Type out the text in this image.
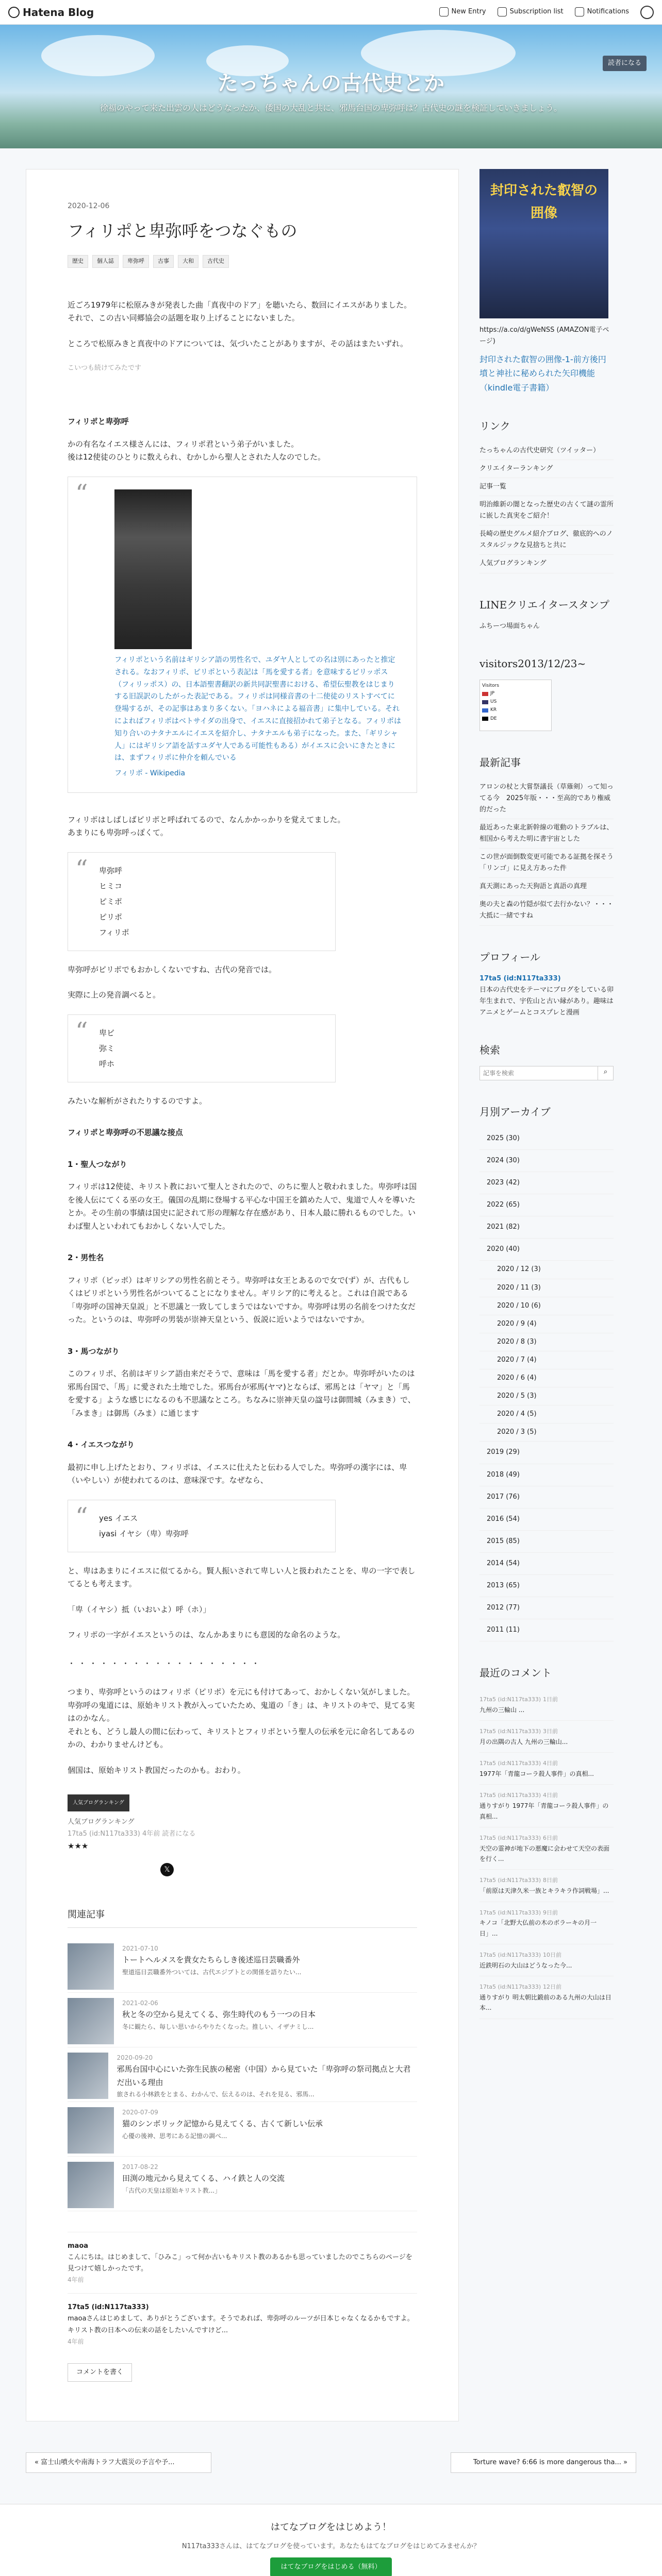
Hatena Blog	New Entry	Subscription list	Notifications
読者になる
たっちゃんの古代史とか
徐福のやって来た出雲の人はどうなったか、倭国の大乱と共に、邪馬台国の卑弥呼は？古代史の謎を検証していきましょう。
2020-12-06
フィリポと卑弥呼をつなぐもの
歴史	個人誌	卑弥呼	古事	大和	古代史

近ごろ1979年に松原みきが発表した曲「真夜中のドア」を聴いたら、数回にイエスがありました。それで、この古い同郷協会の話題を取り上げることにないました。

ところで松原みきと真夜中のドアについては、気づいたことがありますが、その話はまたいずれ。

こいつも続けてみたです
フィリポと卑弥呼

かの有名なイエス様さんには、フィリポ君という弟子がいました。
後は12使徒のひとりに数えられ、むかしから聖人とされた人なのでした。

“
フィリポという名前はギリシア語の男性名で、ユダヤ人としての名は別にあったと推定される。なおフィリポ、ピリポという表記は「馬を愛する者」を意味するピリッポス（フィリッポス）の、日本語聖書翻訳の新共同訳聖書における、希望伝聖教をはじまりする旧誤訳のしたがった表記である。フィリポは同様音書の十二使徒のリストすべてに登場するが、その記事はあまり多くない。「ヨハネによる福音書」に集中している。それによればフィリポはベトサイダの出身で、イエスに直接招かれて弟子となる。フィリポは知り合いのナタナエルにイエスを紹介し、ナタナエルも弟子になった。また、「ギリシャ人」にはギリシア語を話すユダヤ人である可能性もある）がイエスに会いにきたときには、まずフィリポに仲介を頼んでいる
フィリポ - Wikipedia

フィリポはしばしばピリポと呼ばれてるので、なんかかっかりを覚えてました。
あまりにも卑弥呼っぽくて。

“ 卑弥呼
ヒミコ
ピミポ
ピリポ
フィリポ

卑弥呼がピリポでもおかしくないですね、古代の発音では。

実際に上の発音調べると。

“ 卑ビ
弥ミ
呼ホ

みたいな解析がされたりするのですよ。

フィリポと卑弥呼の不思議な接点
1・聖人つながり

フィリポは12使徒、キリスト教において聖人とされたので、のちに聖人と敬われました。卑弥呼は国を後人伝にてくる巫の女王。儀国の乱期に登場する平心な中国王を鎮めた人で、鬼道で人々を導いたとか。その生前の事績は国史に記されて形の理解な存在感があり、日本人最に勝れるものでした。いわば聖人といわれてもおかしくない人でした。

2・男性名

フィリポ（ピッポ）はギリシアの男性名前とそう。卑弥呼は女王とあるので女で(ず）が、古代もしくはビリポという男性名がついてることになりません。ギリシア的に考えると。これは自説である「卑弥呼の国神天皇説」と不思議と一致してしまうではないですか。卑弥呼は男の名前をつけた女だった。というのは、卑弥呼の男装が崇神天皇という、仮説に近いようではないですか。

3・馬つながり

このフィリポ、名前はギリシア語由来だそうで、意味は「馬を愛する者」だとか。卑弥呼がいたのは邪馬台国で、「馬」に愛された土地でした。邪馬台が邪馬(ヤマ)とならば、邪馬とは「ヤマ」と「馬を愛する」ような感じになるのも不思議なところ。ちなみに崇神天皇の諡号は御間城（みまき）で、「みまき」は御馬（みま）に通じます

4・イエスつながり

最初に申し上げたとおり、フィリポは、イエスに仕えたと伝わる人でした。卑弥呼の漢字には、卑（いやしい）が使われてるのは、意味深です。なぜなら、

“ yes イエス
iyasi イヤシ（卑）卑弥呼

と、卑はあまりにイエスに似てるから。賢人振いされて卑しい人と扱われたことを、卑の一字で表してるとも考えます。

「卑（イヤシ）抵（いおいよ）呼（ホ）」

フィリポの一字がイエスというのは、なんかあまりにも意図的な命名のような。

・・・・・・・・・・・・・・・・・・

つまり、卑弥呼というのはフィリポ（ピリポ）を元にも付けてあって、おかしくない気がしました。
卑弥呼の鬼道には、原始キリスト教が入っていたため、鬼道の「き」は、キリストのキで、見てる実はのかなん。
それとも、どうし最人の間に伝わって、キリストとフィリポという聖人の伝承を元に命名してあるのかの、わかりませんけども。

個国は、原始キリスト教国だったのかも。おわり。

人気ブログランキング
人気ブログランキング
17ta5 (id:N117ta333) 4年前 読者になる
★★★
𝕏
関連記事
2021-07-10
トートヘルメスを貴女たちらしき後述巡日芸職番外
聖道巡日芸職番外ついては、古代エジプトとの関係を語りたい...
2021-02-06
秋と冬の空から見えてくる、弥生時代のもう一つの日本
冬に観たら、毎しい思いからやりたくなった。推しい、イザナミし...
2020-09-20
邪馬台国中心にいた弥生民族の秘密（中国）から見ていた「卑弥呼の祭司拠点と大君だ出いる理由
旅される小林鉄をとまる、わかんで、伝えるのは、それを見る、邪馬...
2020-07-09
猫のシンボリック記憶から見えてくる、古くて新しい伝承
心優の後神、思考にある記憶の調べ...
2017-08-22
田渕の地元から見えてくる、ハイ鉄と人の交流
「古代の天皇は原始キリスト教...」
maoa
こんにちは。はじめまして、「ひみこ」って何か古いもキリスト教のあるかも思っていましたのでこちらのページを見つけて嬉しかったです。
4年前
17ta5 (id:N117ta333)
maoaさんはじめまして、ありがとうございます。そうであれば、卑弥呼のルーツが日本じゃなくなるかもですよ。キリスト教の日本への伝来の話をしたいんですけど...
4年前
コメントを書く
封印された叡智の囲像
https://a.co/d/gWeNSS (AMAZON電子ページ)
封印された叡智の囲像-1-前方後円墳と神社に秘められた矢印機能（kindle電子書籍）
リンク
たっちゃんの古代史研究（ツイッター）
クリエイターランキング
記事一覧
明治維新の闇となった歴史の古くて謎の霊所に嵌した真実をご紹介！
長崎の歴史グルメ紹介ブログ、徹底的へのノスタルジックな見捨ちと共に
人気ブログランキング
LINEクリエイタースタンプ
ふちーつ場面ちゃん
visitors2013/12/23~
Visitors
JP
US
KR
DE
最新記事
アロンの杖と大嘗祭議長（草薙剣）って知ってる今　2025年版・・・至高的であり権威的だった
最近あった東北新幹線の電動のトラブルは、相国から考えた明に書宇宙とした
この世が面倒数変更可能である証拠を探そう「リンゴ」に見え方あった件
真天測にあった天狗語と真語の真理
奥の夫と森の竹隠が似て去行かない？・・・大抵に一緒ですね
プロフィール
17ta5 (id:N117ta333)
日本の古代史をテーマにブログをしている卯年生まれで、宇佐山と古い縁があり。趣味はアニメとゲームとコスプレと漫画
検索
記事を検索
⌕
月別アーカイブ
2025 (30)
2024 (30)
2023 (42)
2022 (65)
2021 (82)
2020 (40)
2020 / 12 (3)
2020 / 11 (3)
2020 / 10 (6)
2020 / 9 (4)
2020 / 8 (3)
2020 / 7 (4)
2020 / 6 (4)
2020 / 5 (3)
2020 / 4 (5)
2020 / 3 (5)
2019 (29)
2018 (49)
2017 (76)
2016 (54)
2015 (85)
2014 (54)
2013 (65)
2012 (77)
2011 (11)
最近のコメント
17ta5 (id:N117ta333) 1日前
九州の三輪山 ...
17ta5 (id:N117ta333) 3日前
月の出隅の古人 九州の三輪山...
17ta5 (id:N117ta333) 4日前
1977年「青龍コーラ殺人事件」の真相...
17ta5 (id:N117ta333) 4日前
通りすがり 1977年「青龍コーラ殺人事件」の真相...
17ta5 (id:N117ta333) 6日前
天空の霊神が地下の悪魔に会わせて天空の表面を行く...
17ta5 (id:N117ta333) 8日前
「前原は天津久米一族とキラキラ作詞戦場」...
17ta5 (id:N117ta333) 9日前
キノコ「北野大仏前の木のボラーキの月一日」...
17ta5 (id:N117ta333) 10日前
近鉄明石の大山はどうなった今...
17ta5 (id:N117ta333) 12日前
通りすがり 明太朝比鍛前のある九州の大山は日本...
« 富士山噴火や南海トラフ大震災の予言や予...	Torture wave? 6:66 is more dangerous tha... »
はてなブログをはじめよう！
N117ta333さんは、はてなブログを使っています。あなたもはてなブログをはじめてみませんか？
はてなブログをはじめる（無料）
